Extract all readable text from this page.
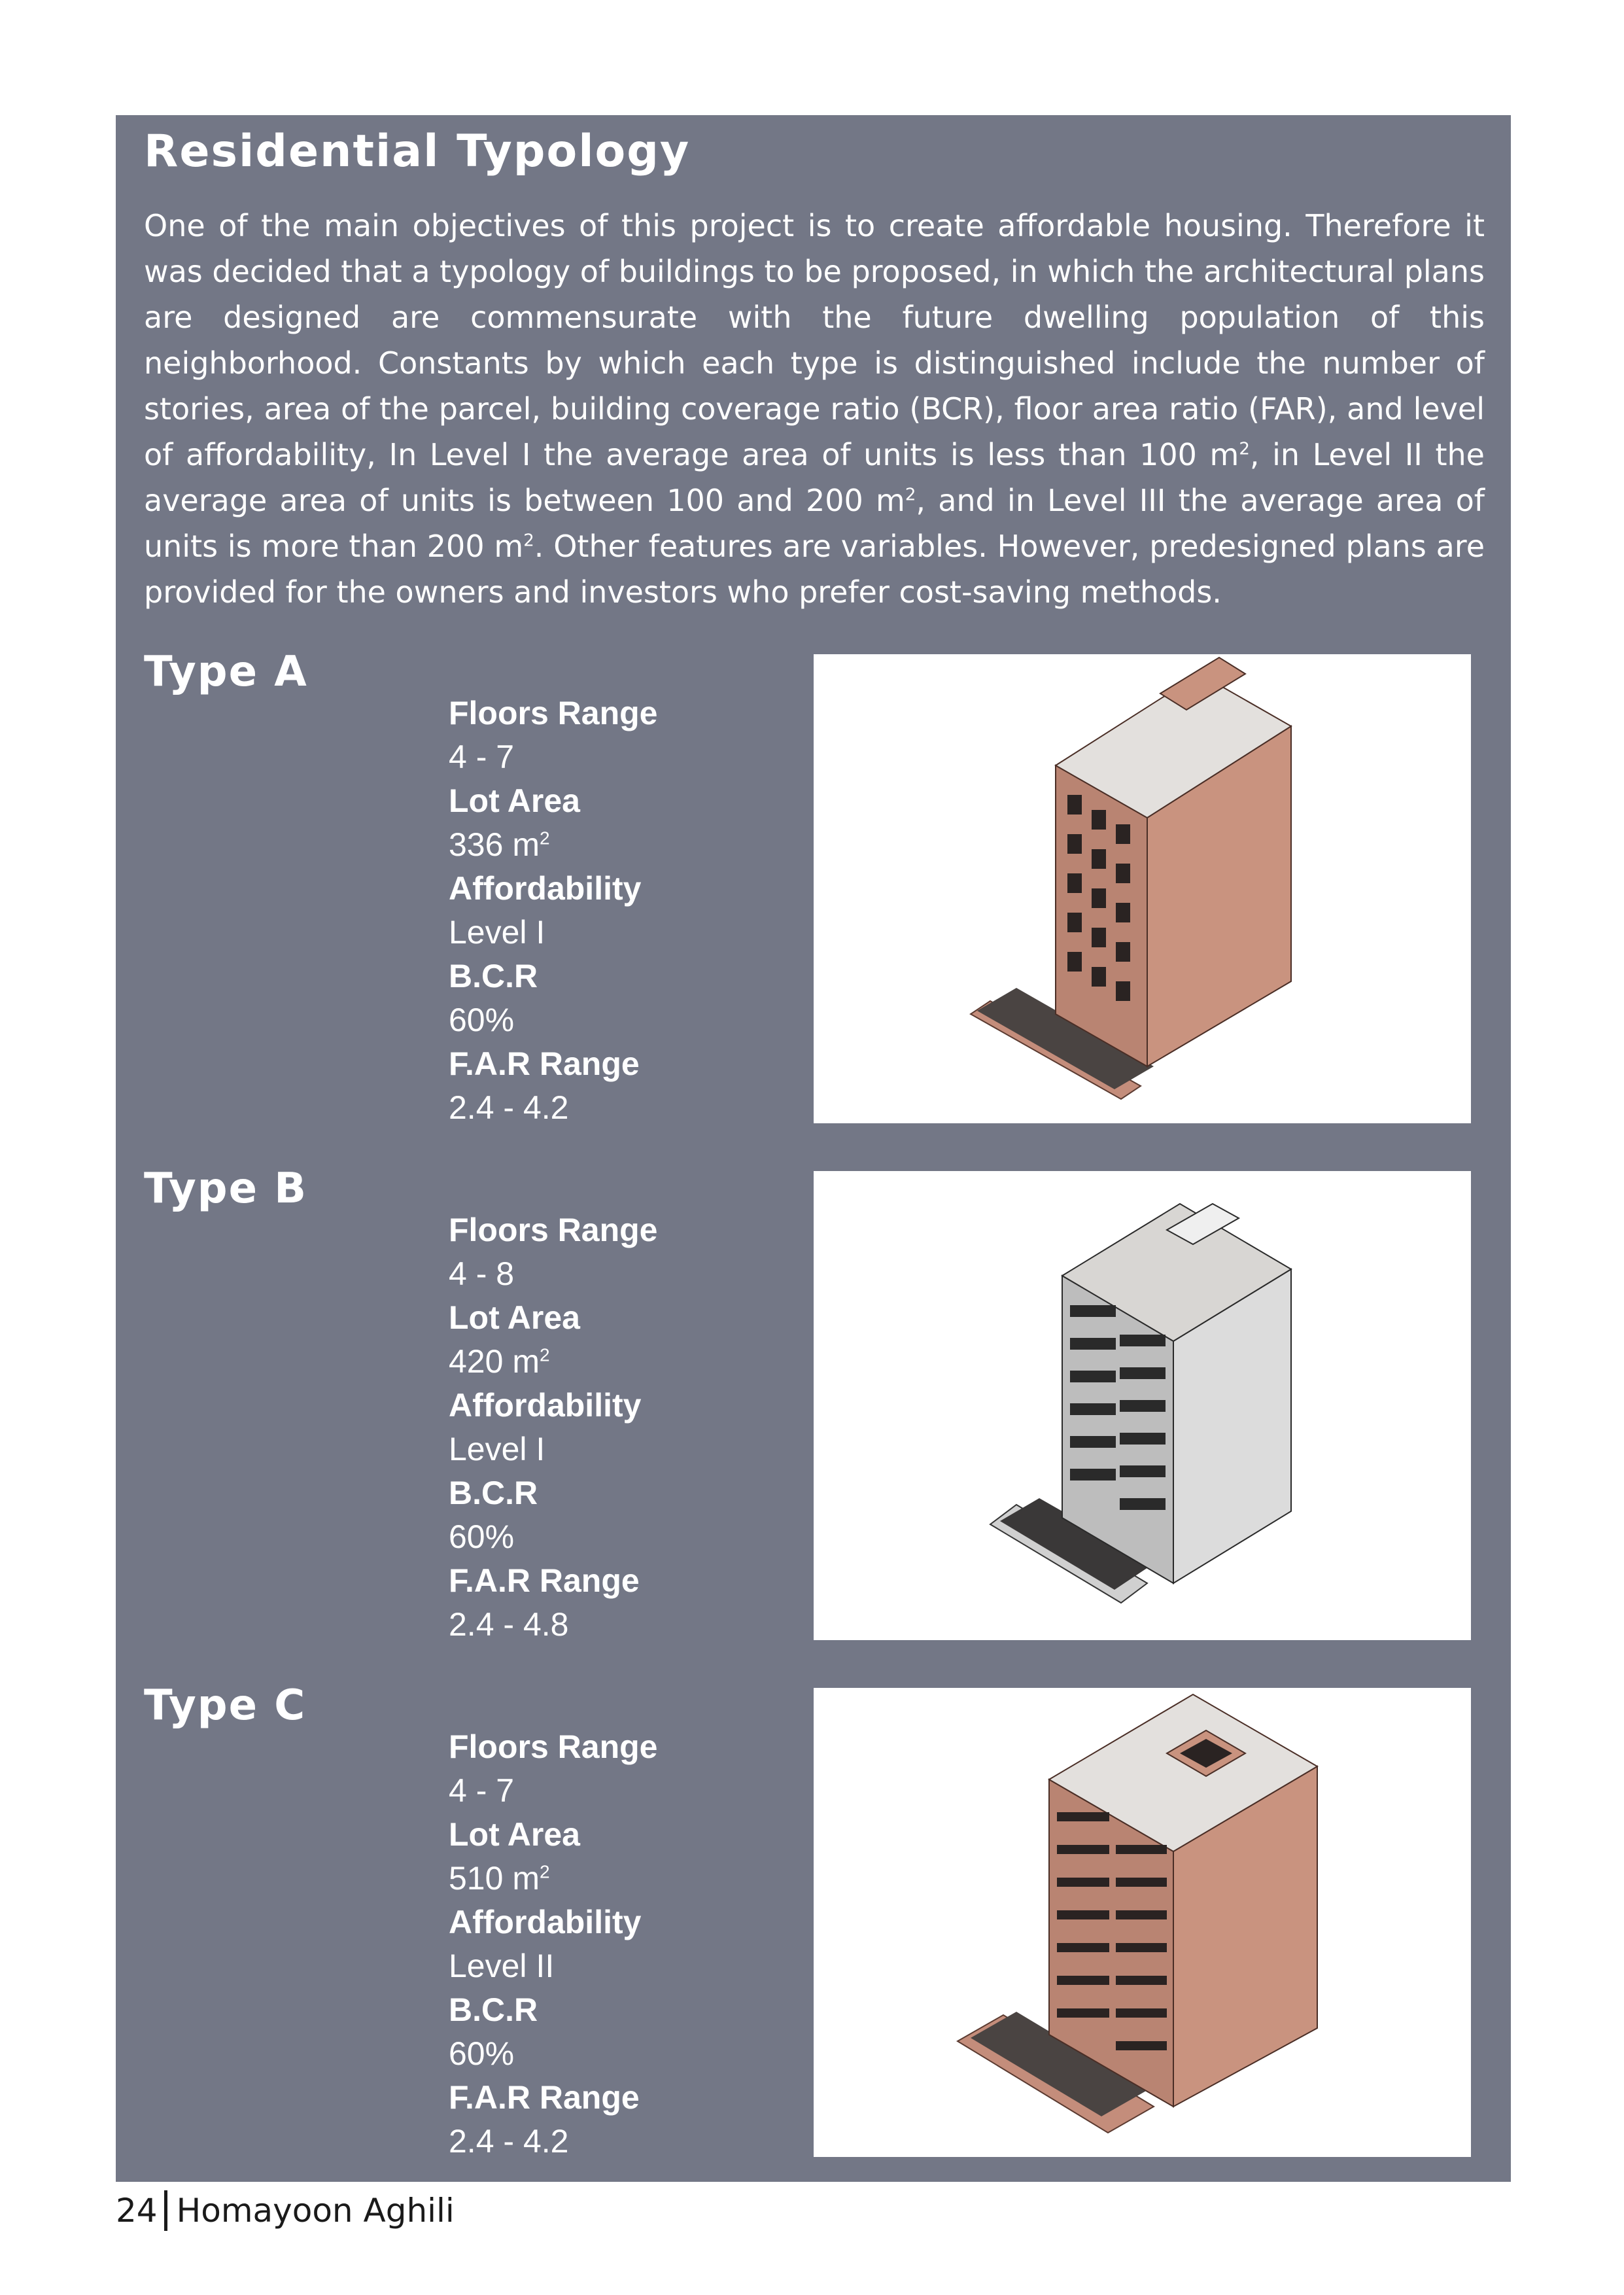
Residential Typology

One of the main objectives of this project is to create affordable housing. Therefore it was decided that a typology of buildings to be proposed, in which the architectural plans are designed are commensurate with the future dwelling population of this neighborhood. Constants by which each type is distinguished include the number of stories, area of the parcel, building coverage ratio (BCR), floor area ratio (FAR), and level of affordability, In Level I the average area of units is less than 100 $m^2$, in Level II the average area of units is between 100 and 200 $m^2$, and in Level III the average area of units is more than 200 $m^2$. Other features are variables. However, predesigned plans are provided for the owners and investors who prefer cost-saving methods.

Type A
Floors Range
4 - 7
Lot Area
336 $m^2$
Affordability
Level I
B.C.R
60%
F.A.R Range
2.4 - 4.2
Type B
Floors Range
4 - 8
Lot Area
420 $m^2$
Affordability
Level I
B.C.R
60%
F.A.R Range
2.4 - 4.8
Type C
Floors Range
4 - 7
Lot Area
510 $m^2$
Affordability
Level II
B.C.R
60%
F.A.R Range
2.4 - 4.2
24 Homayoon Aghili
